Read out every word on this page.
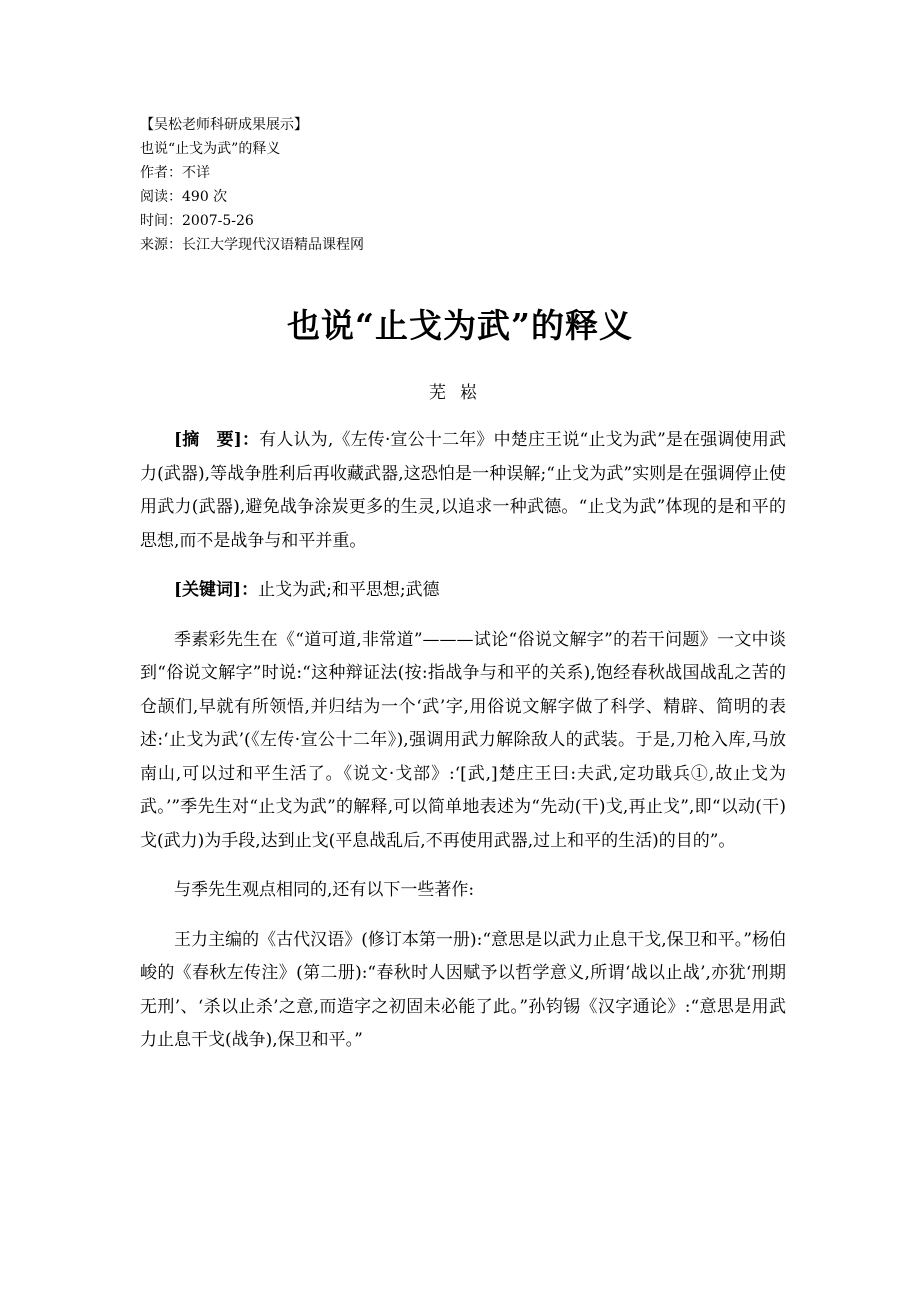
【吴松老师科研成果展示】
也说“止戈为武”的释义
作者：不详
阅读：490 次
时间：2007-5-26
来源：长江大学现代汉语精品课程网
也说“止戈为武”的释义
芜崧

[摘　要]：有人认为,《左传·宣公十二年》中楚庄王说“止戈为武”是在强调使用武力(武器),等战争胜利后再收藏武器,这恐怕是一种误解;“止戈为武”实则是在强调停止使用武力(武器),避免战争涂炭更多的生灵,以追求一种武德。“止戈为武”体现的是和平的思想,而不是战争与和平并重。

[关键词]：止戈为武;和平思想;武德

季素彩先生在《“道可道,非常道”———试论“俗说文解字”的若干问题》一文中谈到“俗说文解字”时说:“这种辩证法(按:指战争与和平的关系),饱经春秋战国战乱之苦的仓颉们,早就有所领悟,并归结为一个‘武’字,用俗说文解字做了科学、精辟、简明的表述:‘止戈为武’(《左传·宣公十二年》),强调用武力解除敌人的武装。于是,刀枪入库,马放南山,可以过和平生活了。《说文·戈部》:‘[武,]楚庄王曰:夫武,定功戢兵①,故止戈为武。’”季先生对“止戈为武”的解释,可以简单地表述为“先动(干)戈,再止戈”,即“以动(干)戈(武力)为手段,达到止戈(平息战乱后,不再使用武器,过上和平的生活)的目的”。

与季先生观点相同的,还有以下一些著作:

王力主编的《古代汉语》(修订本第一册):“意思是以武力止息干戈,保卫和平。”杨伯峻的《春秋左传注》(第二册):“春秋时人因赋予以哲学意义,所谓‘战以止战’,亦犹‘刑期无刑’、‘杀以止杀’之意,而造字之初固未必能了此。”孙钧锡《汉字通论》:“意思是用武力止息干戈(战争),保卫和平。”
